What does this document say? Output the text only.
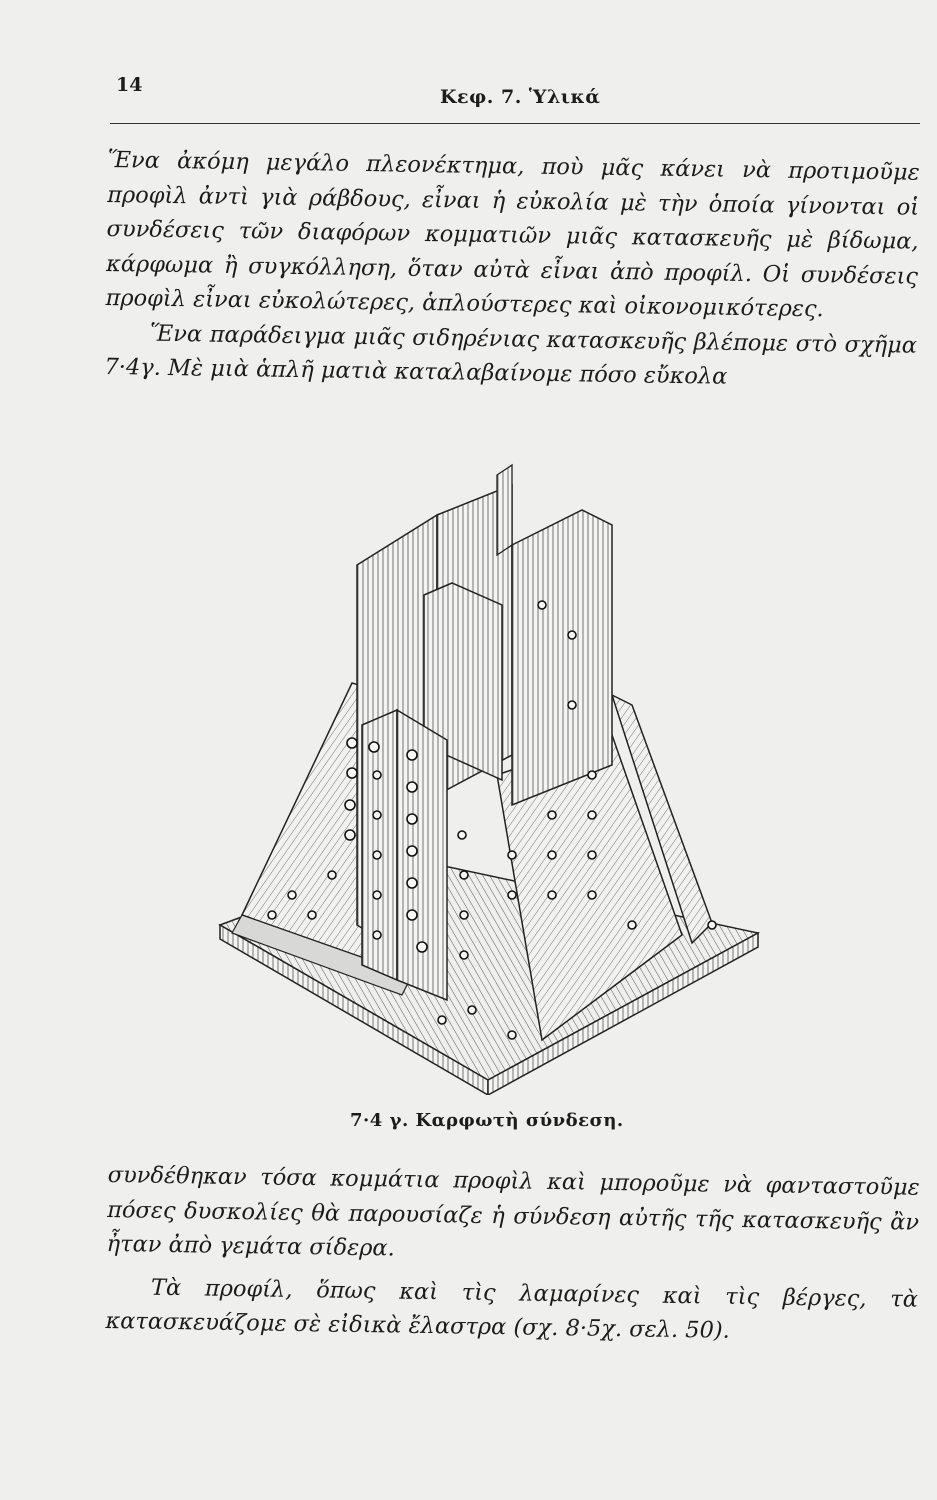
14
Κεφ. 7. Ὑλικά

Ἕνα ἀκόμη μεγάλο πλεονέκτημα, ποὺ μᾶς κάνει νὰ προτιμοῦμε προφὶλ ἀντὶ γιὰ ράβδους, εἶναι ἡ εὐκολία μὲ τὴν ὁποία γίνονται οἱ συνδέσεις τῶν διαφόρων κομματιῶν μιᾶς κατασκευῆς μὲ βίδωμα, κάρφωμα ἢ συγκόλληση, ὅταν αὐτὰ εἶναι ἀπὸ προφίλ. Οἱ συνδέσεις προφὶλ εἶναι εὐκολώτερες, ἁπλούστερες καὶ οἰκονομικότερες.

Ἕνα παράδειγμα μιᾶς σιδηρένιας κατασκευῆς βλέπομε στὸ σχῆμα 7·4γ. Μὲ μιὰ ἁπλῆ ματιὰ καταλαβαίνομε πόσο εὔκολα

7·4 γ. Καρφωτὴ σύνδεση.

συνδέθηκαν τόσα κομμάτια προφὶλ καὶ μποροῦμε νὰ φανταστοῦμε πόσες δυσκολίες θὰ παρουσίαζε ἡ σύνδεση αὐτῆς τῆς κατασκευῆς ἂν ἦταν ἀπὸ γεμάτα σίδερα.

Τὰ προφίλ, ὅπως καὶ τὶς λαμαρίνες καὶ τὶς βέργες, τὰ κατασκευάζομε σὲ εἰδικὰ ἔλαστρα (σχ. 8·5χ. σελ. 50).
